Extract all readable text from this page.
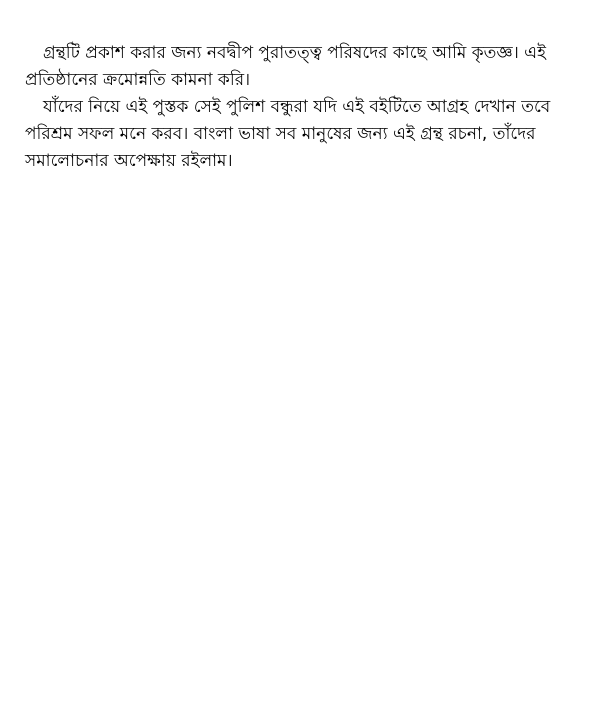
গ্রন্থটি প্রকাশ করার জন্য নবদ্বীপ পুরাতত্ত্ব পরিষদের কাছে আমি কৃতজ্ঞ। এই
প্রতিষ্ঠানের ক্রমোন্নতি কামনা করি।

যাঁদের নিয়ে এই পুস্তক সেই পুলিশ বন্ধুরা যদি এই বইটিতে আগ্রহ দেখান তবে
পরিশ্রম সফল মনে করব। বাংলা ভাষা সব মানুষের জন্য এই গ্রন্থ রচনা, তাঁদের
সমালোচনার অপেক্ষায় রইলাম।
